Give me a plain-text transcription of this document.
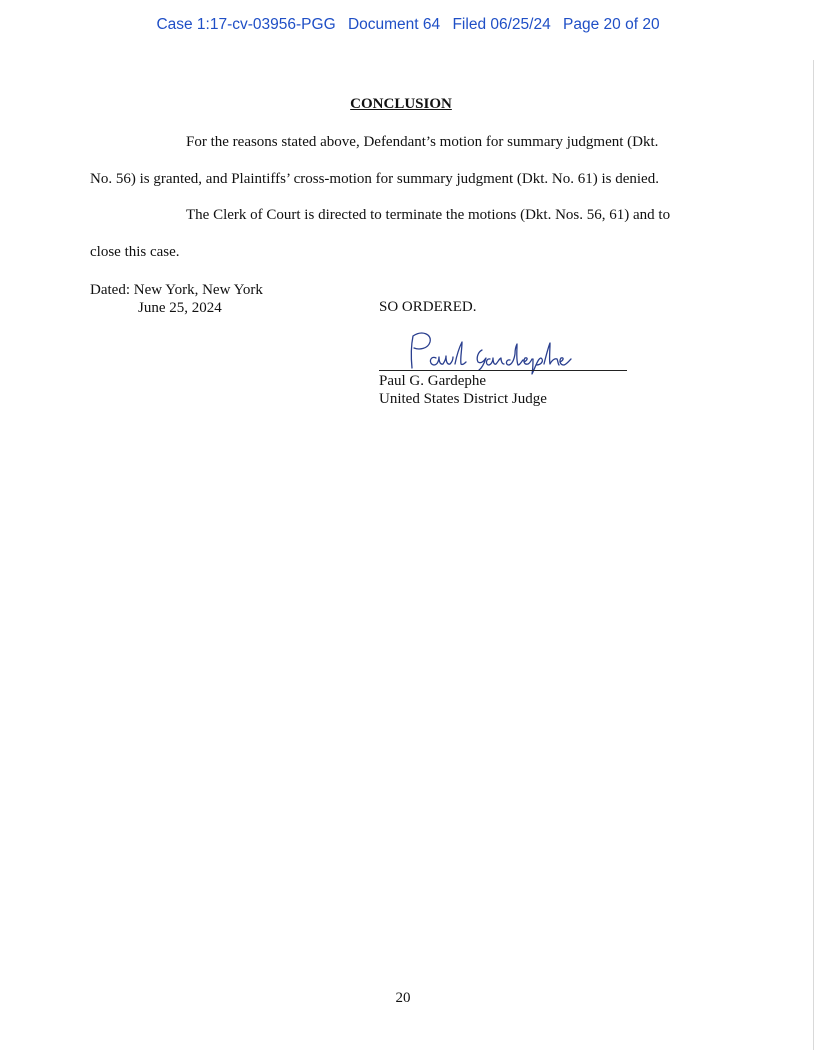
Case 1:17-cv-03956-PGG Document 64 Filed 06/25/24 Page 20 of 20
CONCLUSION
For the reasons stated above, Defendant’s motion for summary judgment (Dkt.
No. 56) is granted, and Plaintiffs’ cross-motion for summary judgment (Dkt. No. 61) is denied.
The Clerk of Court is directed to terminate the motions (Dkt. Nos. 56, 61) and to
close this case.
Dated: New York, New York
June 25, 2024	SO ORDERED.
Paul G. Gardephe
United States District Judge
20
